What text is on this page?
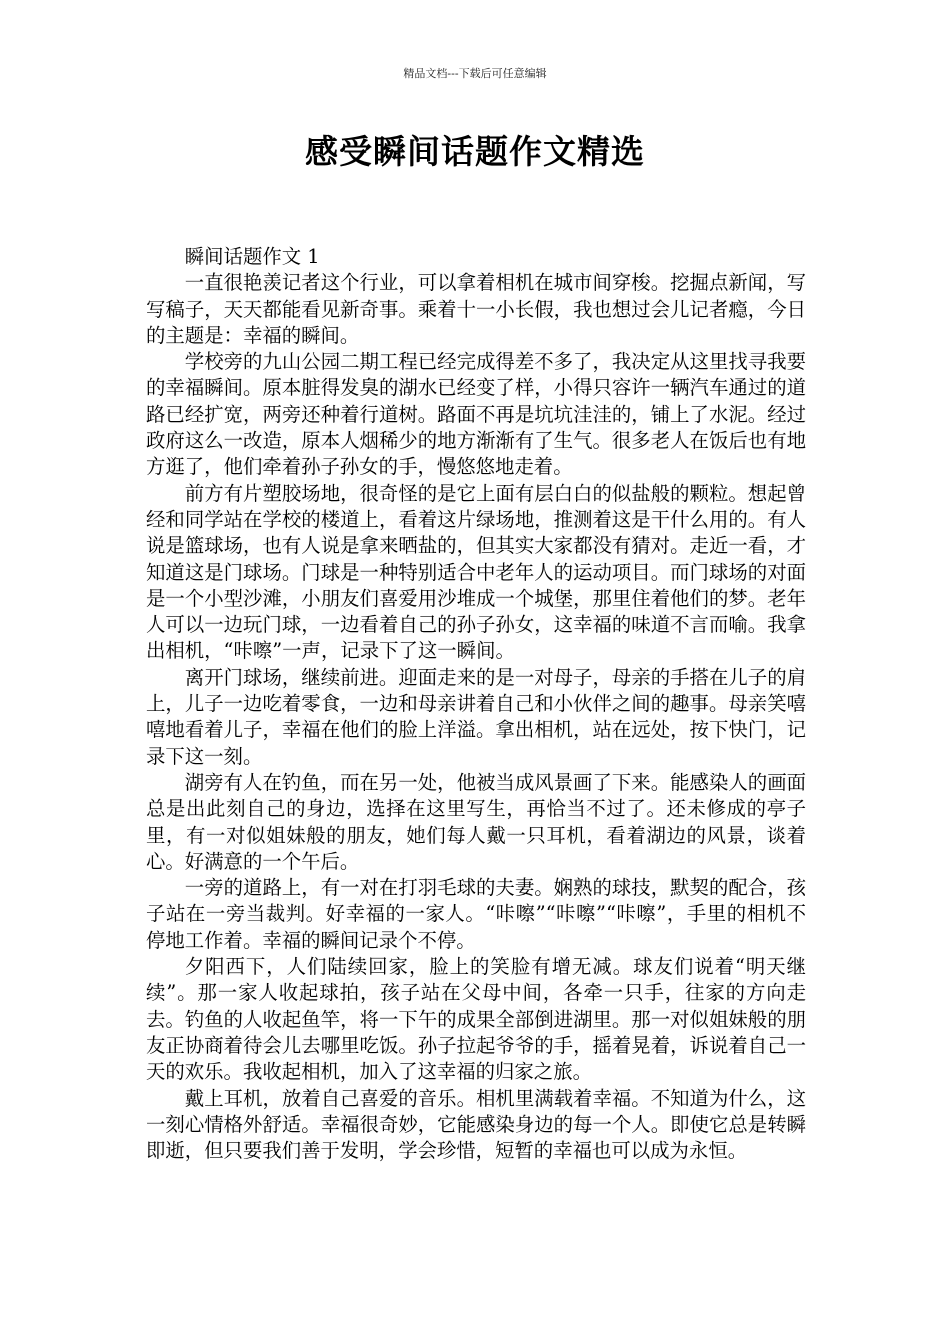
精品文档---下载后可任意编辑
感受瞬间话题作文精选

瞬间话题作文 1

一直很艳羡记者这个行业，可以拿着相机在城市间穿梭。挖掘点新闻，写写稿子，天天都能看见新奇事。乘着十一小长假，我也想过会儿记者瘾，今日的主题是：幸福的瞬间。

学校旁的九山公园二期工程已经完成得差不多了，我决定从这里找寻我要的幸福瞬间。原本脏得发臭的湖水已经变了样，小得只容许一辆汽车通过的道路已经扩宽，两旁还种着行道树。路面不再是坑坑洼洼的，铺上了水泥。经过政府这么一改造，原本人烟稀少的地方渐渐有了生气。很多老人在饭后也有地方逛了，他们牵着孙子孙女的手，慢悠悠地走着。

前方有片塑胶场地，很奇怪的是它上面有层白白的似盐般的颗粒。想起曾经和同学站在学校的楼道上，看着这片绿场地，推测着这是干什么用的。有人说是篮球场，也有人说是拿来晒盐的，但其实大家都没有猜对。走近一看，才知道这是门球场。门球是一种特别适合中老年人的运动项目。而门球场的对面是一个小型沙滩，小朋友们喜爱用沙堆成一个城堡，那里住着他们的梦。老年人可以一边玩门球，一边看着自己的孙子孙女，这幸福的味道不言而喻。我拿出相机，“咔嚓”一声，记录下了这一瞬间。

离开门球场，继续前进。迎面走来的是一对母子，母亲的手搭在儿子的肩上，儿子一边吃着零食，一边和母亲讲着自己和小伙伴之间的趣事。母亲笑嘻嘻地看着儿子，幸福在他们的脸上洋溢。拿出相机，站在远处，按下快门，记录下这一刻。

湖旁有人在钓鱼，而在另一处，他被当成风景画了下来。能感染人的画面总是出此刻自己的身边，选择在这里写生，再恰当不过了。还未修成的亭子里，有一对似姐妹般的朋友，她们每人戴一只耳机，看着湖边的风景，谈着心。好满意的一个午后。

一旁的道路上，有一对在打羽毛球的夫妻。娴熟的球技，默契的配合，孩子站在一旁当裁判。好幸福的一家人。“咔嚓”“咔嚓”“咔嚓”，手里的相机不停地工作着。幸福的瞬间记录个不停。

夕阳西下，人们陆续回家，脸上的笑脸有增无减。球友们说着“明天继续”。那一家人收起球拍，孩子站在父母中间，各牵一只手，往家的方向走去。钓鱼的人收起鱼竿，将一下午的成果全部倒进湖里。那一对似姐妹般的朋友正协商着待会儿去哪里吃饭。孙子拉起爷爷的手，摇着晃着，诉说着自己一天的欢乐。我收起相机，加入了这幸福的归家之旅。

戴上耳机，放着自己喜爱的音乐。相机里满载着幸福。不知道为什么，这一刻心情格外舒适。幸福很奇妙，它能感染身边的每一个人。即使它总是转瞬即逝，但只要我们善于发明，学会珍惜，短暂的幸福也可以成为永恒。
